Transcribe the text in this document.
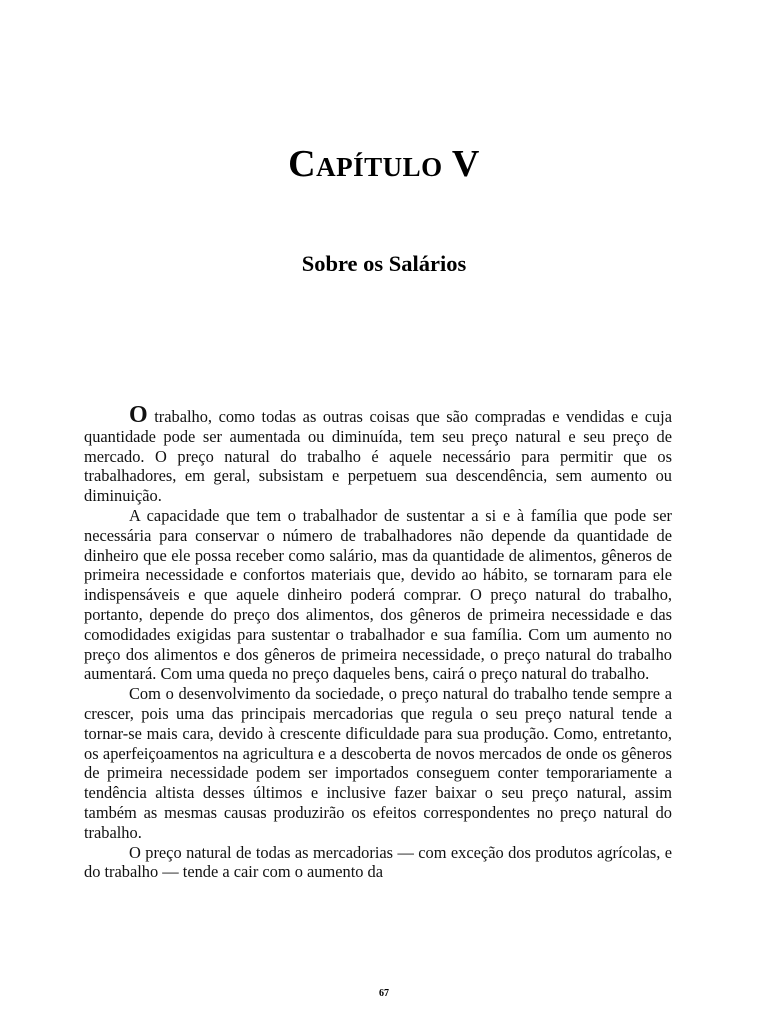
Capítulo V
Sobre os Salários

O trabalho, como todas as outras coisas que são compradas e vendidas e cuja quantidade pode ser aumentada ou diminuída, tem seu preço natural e seu preço de mercado. O preço natural do trabalho é aquele necessário para permitir que os trabalhadores, em geral, subsistam e perpetuem sua descendência, sem aumento ou diminuição.

A capacidade que tem o trabalhador de sustentar a si e à família que pode ser necessária para conservar o número de trabalhadores não depende da quantidade de dinheiro que ele possa receber como salário, mas da quantidade de alimentos, gêneros de primeira necessidade e confortos materiais que, devido ao hábito, se tornaram para ele indispensáveis e que aquele dinheiro poderá comprar. O preço natural do trabalho, portanto, depende do preço dos alimentos, dos gêneros de primeira necessidade e das comodidades exigidas para sustentar o trabalhador e sua família. Com um aumento no preço dos alimentos e dos gêneros de primeira necessidade, o preço natural do trabalho aumentará. Com uma queda no preço daqueles bens, cairá o preço natural do trabalho.

Com o desenvolvimento da sociedade, o preço natural do trabalho tende sempre a crescer, pois uma das principais mercadorias que regula o seu preço natural tende a tornar-se mais cara, devido à crescente dificuldade para sua produção. Como, entretanto, os aperfeiçoamentos na agricultura e a descoberta de novos mercados de onde os gêneros de primeira necessidade podem ser importados conseguem conter temporariamente a tendência altista desses últimos e inclusive fazer baixar o seu preço natural, assim também as mesmas causas produzirão os efeitos correspondentes no preço natural do trabalho.

O preço natural de todas as mercadorias — com exceção dos produtos agrícolas, e do trabalho — tende a cair com o aumento da

67
